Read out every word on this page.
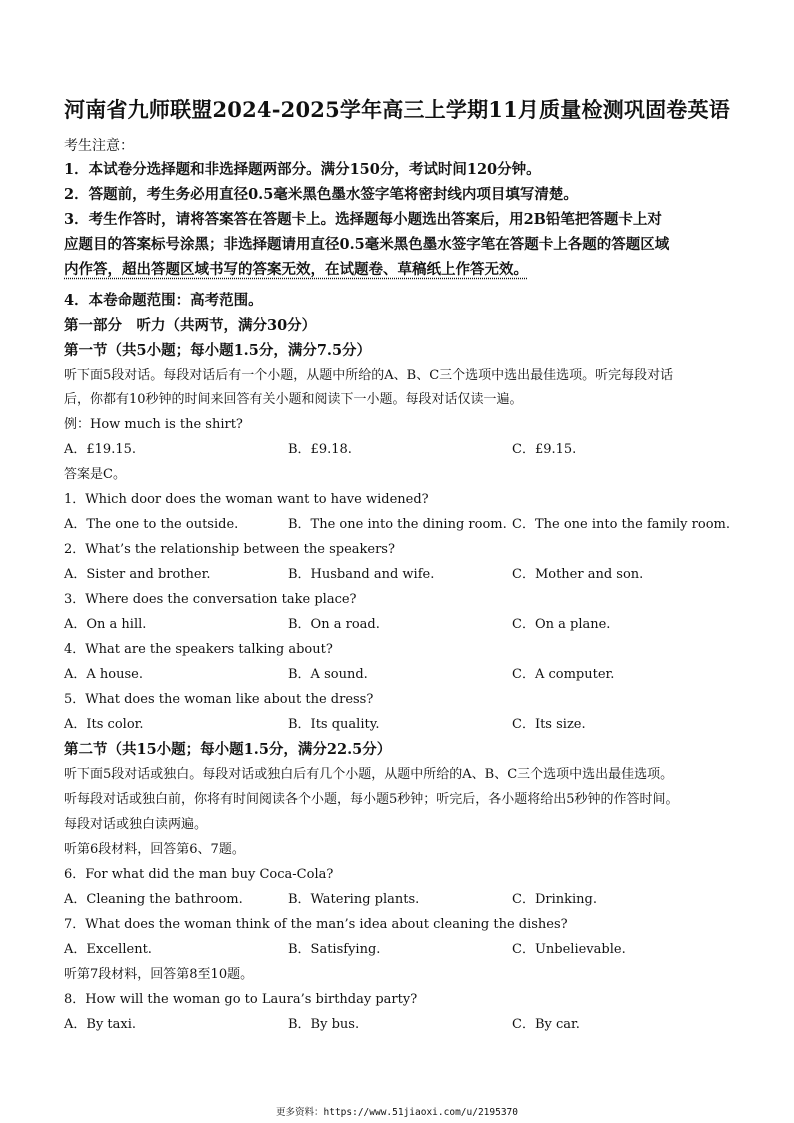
河南省九师联盟2024-2025学年高三上学期11月质量检测巩固卷英语
考生注意：
1．本试卷分选择题和非选择题两部分。满分150分，考试时间120分钟。
2．答题前，考生务必用直径0.5毫米黑色墨水签字笔将密封线内项目填写清楚。
3．考生作答时，请将答案答在答题卡上。选择题每小题选出答案后，用2B铅笔把答题卡上对
应题目的答案标号涂黑；非选择题请用直径0.5毫米黑色墨水签字笔在答题卡上各题的答题区域
内作答，超出答题区域书写的答案无效，在试题卷、草稿纸上作答无效。
4．本卷命题范围：高考范围。
第一部分　听力（共两节，满分30分）
第一节（共5小题；每小题1.5分，满分7.5分）
听下面5段对话。每段对话后有一个小题，从题中所给的A、B、C三个选项中选出最佳选项。听完每段对话
后，你都有10秒钟的时间来回答有关小题和阅读下一小题。每段对话仅读一遍。
例：How much is the shirt?
A．£19.15.	B．£9.18.	C．£9.15.
答案是C。
1．Which door does the woman want to have widened?
A．The one to the outside.	B．The one into the dining room. C．The one into the family room.
2．What’s the relationship between the speakers?
A．Sister and brother.	B．Husband and wife.	C．Mother and son.
3．Where does the conversation take place?
A．On a hill.	B．On a road.	C．On a plane.
4．What are the speakers talking about?
A．A house.	B．A sound.	C．A computer.
5．What does the woman like about the dress?
A．Its color.	B．Its quality.	C．Its size.
第二节（共15小题；每小题1.5分，满分22.5分）
听下面5段对话或独白。每段对话或独白后有几个小题，从题中所给的A、B、C三个选项中选出最佳选项。
听每段对话或独白前，你将有时间阅读各个小题，每小题5秒钟；听完后，各小题将给出5秒钟的作答时间。
每段对话或独白读两遍。
听第6段材料，回答第6、7题。
6．For what did the man buy Coca-Cola?
A．Cleaning the bathroom.	B．Watering plants.	C．Drinking.
7．What does the woman think of the man’s idea about cleaning the dishes?
A．Excellent.	B．Satisfying.	C．Unbelievable.
听第7段材料，回答第8至10题。
8．How will the woman go to Laura’s birthday party?
A．By taxi.	B．By bus.	C．By car.
更多资料：https://www.51jiaoxi.com/u/2195370
